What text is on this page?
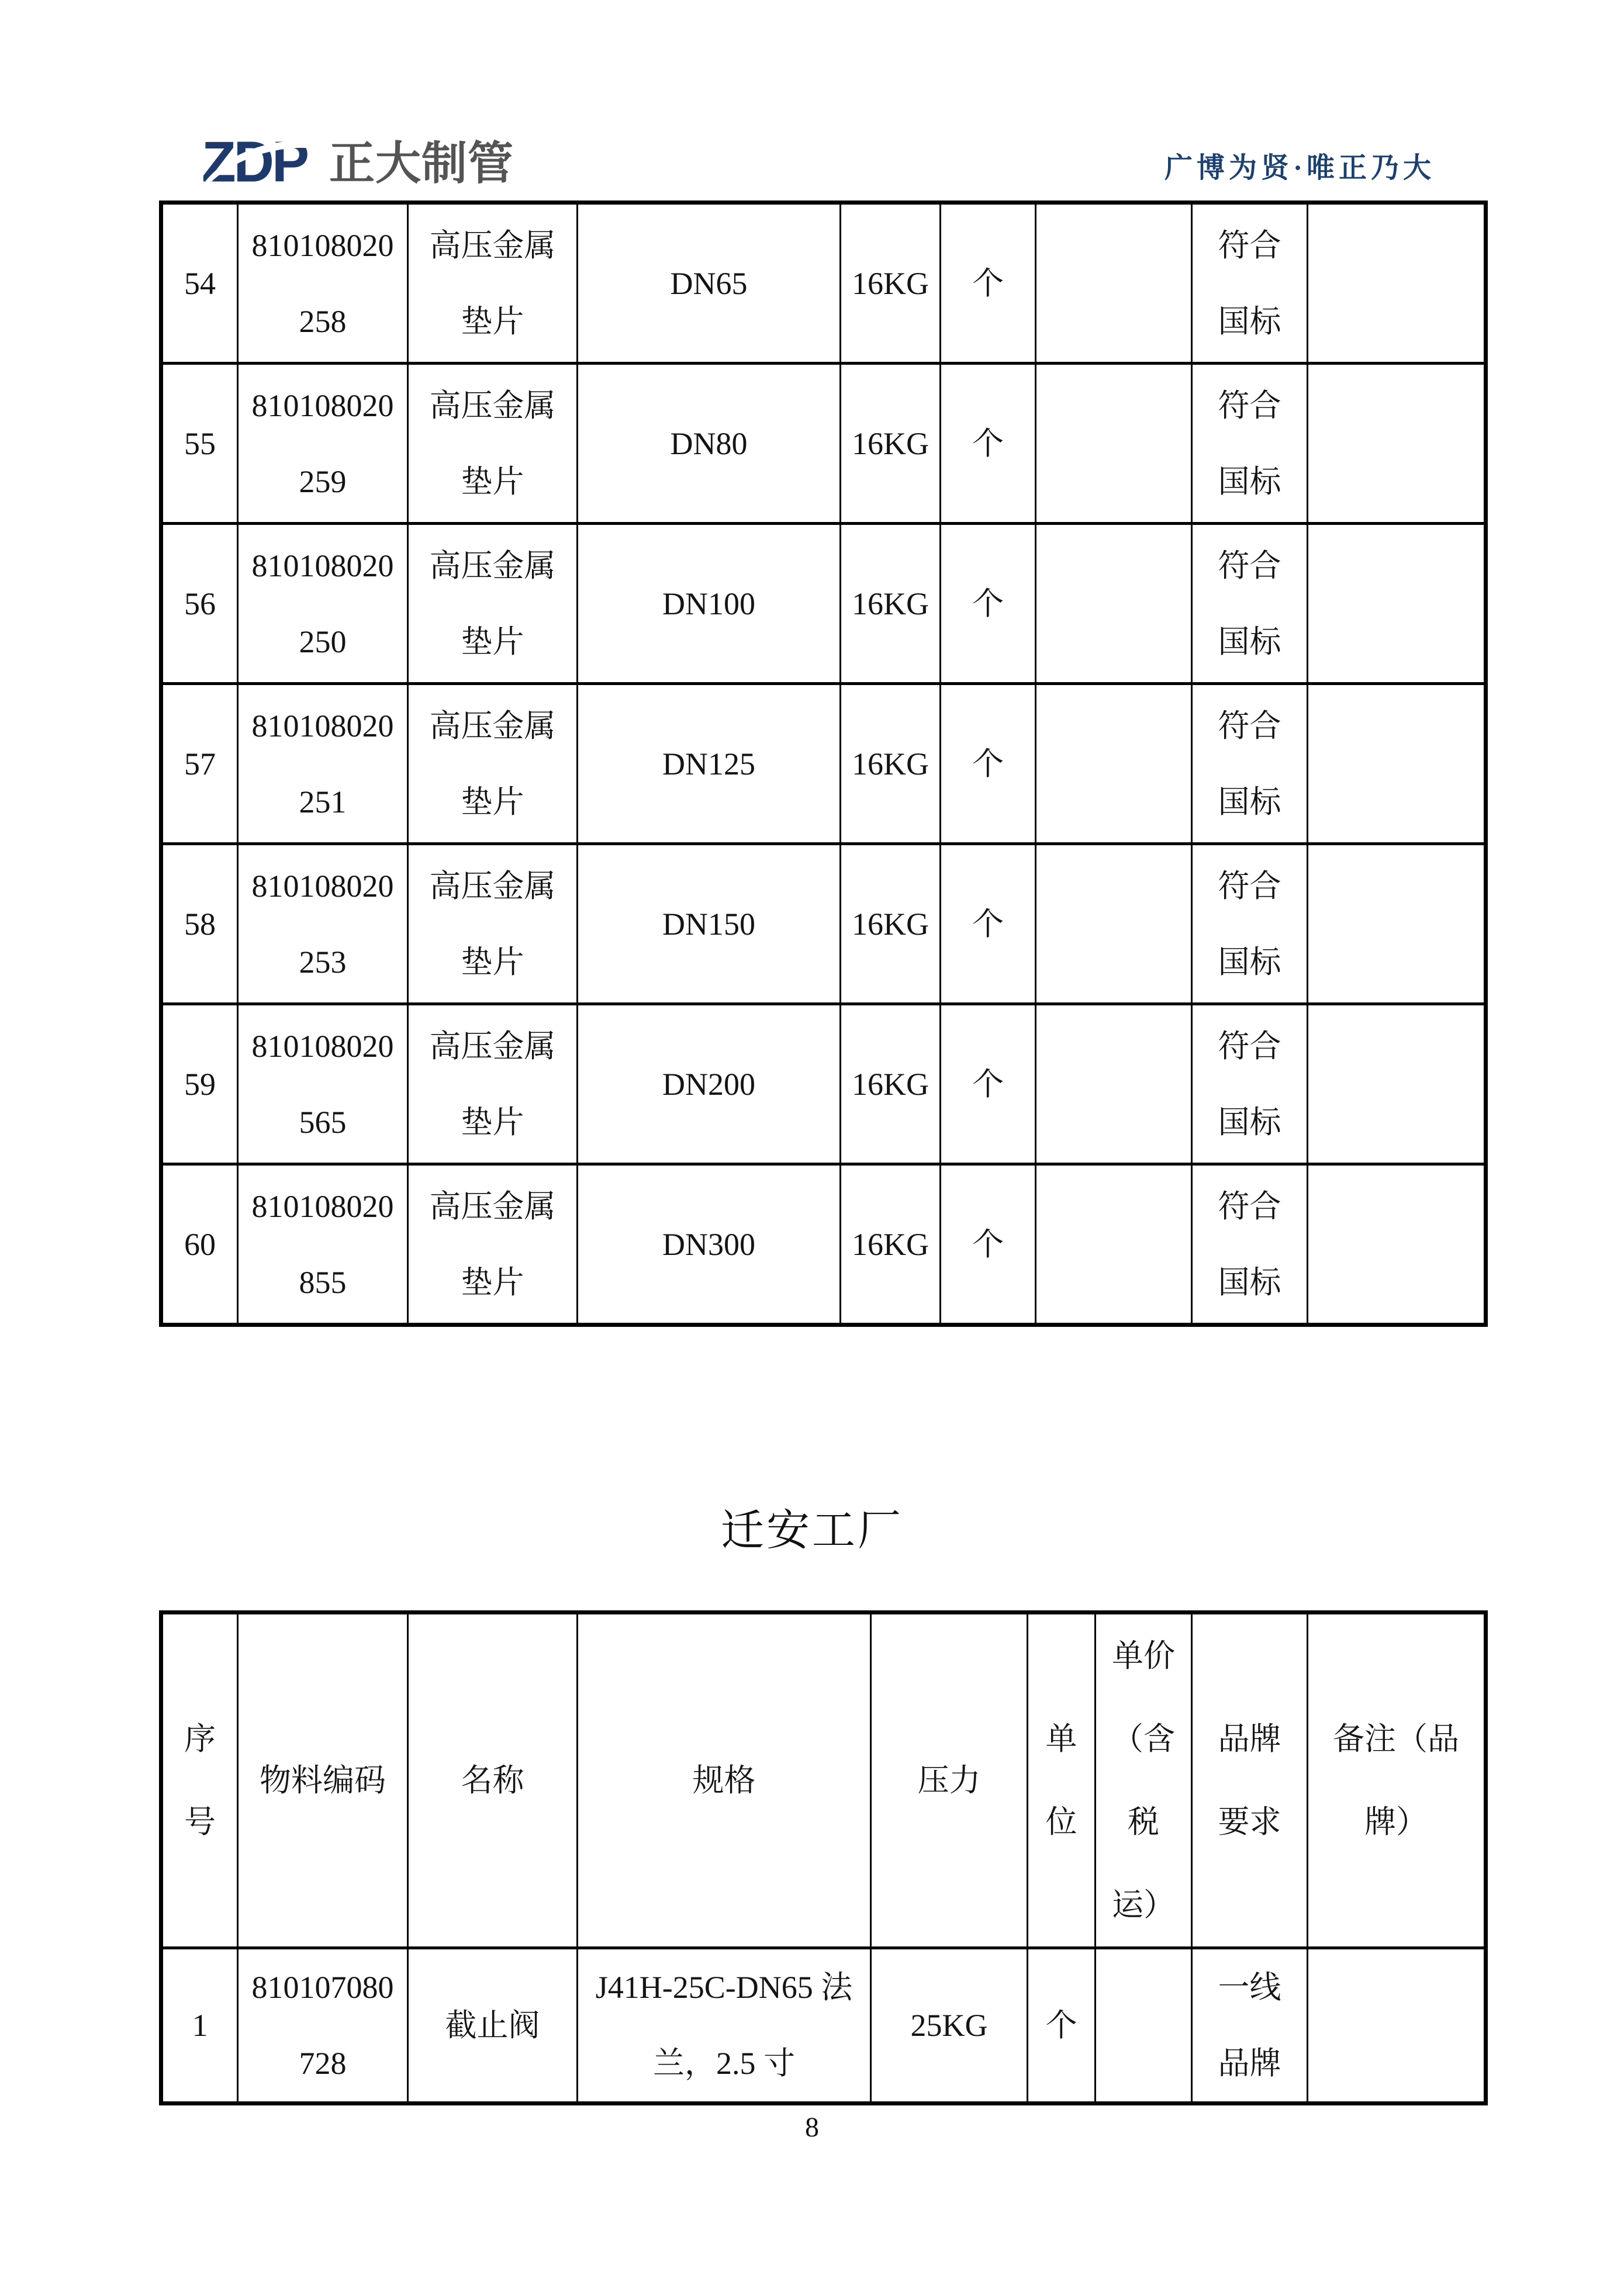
ZDP 正大制管	广博为贤·唯正乃大
54	810108020258	高压金属垫片	DN65	16KG	个		符合国标	
55	810108020259	高压金属垫片	DN80	16KG	个		符合国标	
56	810108020250	高压金属垫片	DN100	16KG	个		符合国标	
57	810108020251	高压金属垫片	DN125	16KG	个		符合国标	
58	810108020253	高压金属垫片	DN150	16KG	个		符合国标	
59	810108020565	高压金属垫片	DN200	16KG	个		符合国标	
60	810108020855	高压金属垫片	DN300	16KG	个		符合国标	
迁安工厂
序号	物料编码	名称	规格	压力	单位	单价（含税运）	品牌要求	备注（品牌）
1	810107080728	截止阀	J41H-25C-DN65 法兰，2.5 寸	25KG	个		一线品牌	
8
